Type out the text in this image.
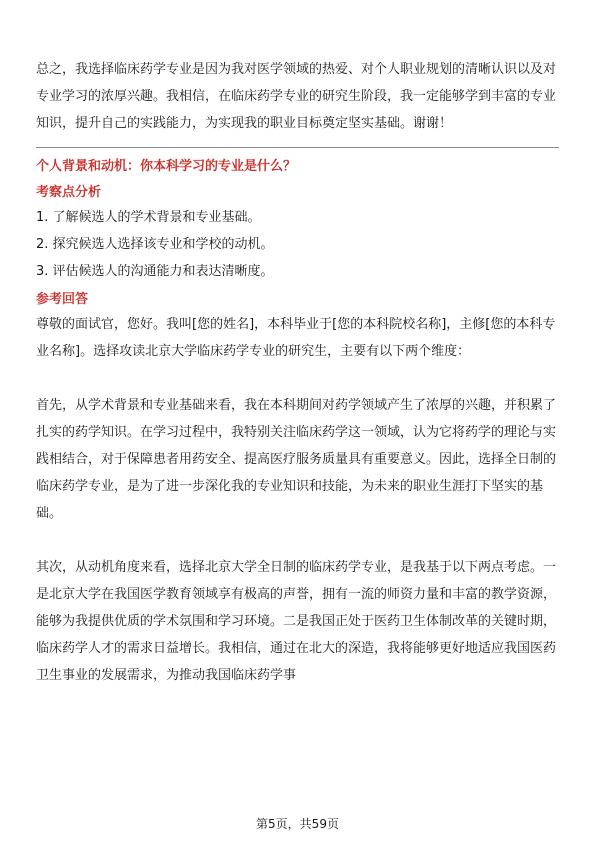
总之，我选择临床药学专业是因为我对医学领域的热爱、对个人职业规划的清晰认识以及对专业学习的浓厚兴趣。我相信，在临床药学专业的研究生阶段，我一定能够学到丰富的专业知识，提升自己的实践能力，为实现我的职业目标奠定坚实基础。谢谢！

个人背景和动机：你本科学习的专业是什么？
考察点分析
1. 了解候选人的学术背景和专业基础。
2. 探究候选人选择该专业和学校的动机。
3. 评估候选人的沟通能力和表达清晰度。
参考回答

尊敬的面试官，您好。我叫[您的姓名]，本科毕业于[您的本科院校名称]，主修[您的本科专业名称]。选择攻读北京大学临床药学专业的研究生，主要有以下两个维度：

首先，从学术背景和专业基础来看，我在本科期间对药学领域产生了浓厚的兴趣，并积累了扎实的药学知识。在学习过程中，我特别关注临床药学这一领域，认为它将药学的理论与实践相结合，对于保障患者用药安全、提高医疗服务质量具有重要意义。因此，选择全日制的临床药学专业，是为了进一步深化我的专业知识和技能，为未来的职业生涯打下坚实的基础。

其次，从动机角度来看，选择北京大学全日制的临床药学专业，是我基于以下两点考虑。一是北京大学在我国医学教育领域享有极高的声誉，拥有一流的师资力量和丰富的教学资源，能够为我提供优质的学术氛围和学习环境。二是我国正处于医药卫生体制改革的关键时期，临床药学人才的需求日益增长。我相信，通过在北大的深造，我将能够更好地适应我国医药卫生事业的发展需求，为推动我国临床药学事

第5页，共59页
